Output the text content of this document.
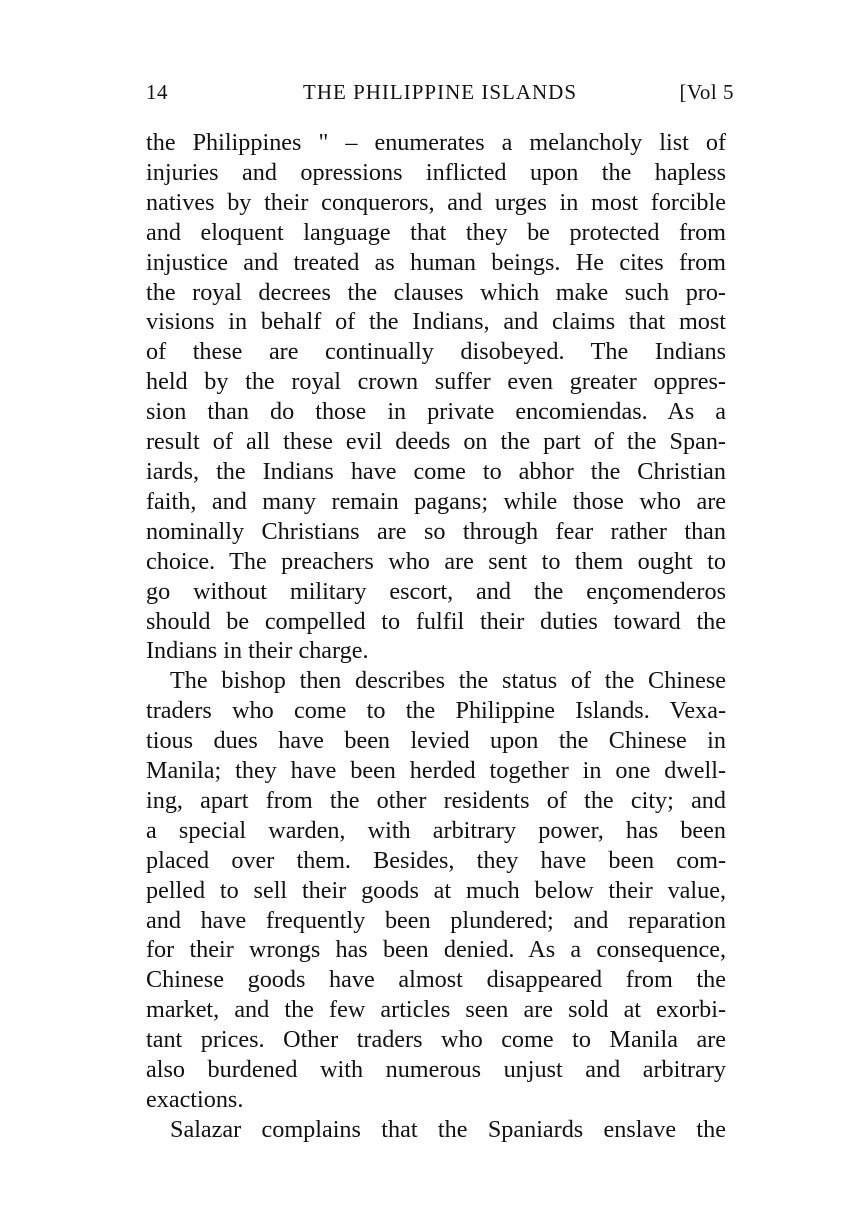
14	THE PHILIPPINE ISLANDS	[Vol 5
the Philippines " – enumerates a melancholy list of
injuries and opressions inflicted upon the hapless
natives by their conquerors, and urges in most forcible
and eloquent language that they be protected from
injustice and treated as human beings. He cites from
the royal decrees the clauses which make such pro-
visions in behalf of the Indians, and claims that most
of these are continually disobeyed. The Indians
held by the royal crown suffer even greater oppres-
sion than do those in private encomiendas. As a
result of all these evil deeds on the part of the Span-
iards, the Indians have come to abhor the Christian
faith, and many remain pagans; while those who are
nominally Christians are so through fear rather than
choice. The preachers who are sent to them ought to
go without military escort, and the ençomenderos
should be compelled to fulfil their duties toward the
Indians in their charge.
The bishop then describes the status of the Chinese
traders who come to the Philippine Islands. Vexa-
tious dues have been levied upon the Chinese in
Manila; they have been herded together in one dwell-
ing, apart from the other residents of the city; and
a special warden, with arbitrary power, has been
placed over them. Besides, they have been com-
pelled to sell their goods at much below their value,
and have frequently been plundered; and reparation
for their wrongs has been denied. As a consequence,
Chinese goods have almost disappeared from the
market, and the few articles seen are sold at exorbi-
tant prices. Other traders who come to Manila are
also burdened with numerous unjust and arbitrary
exactions.
Salazar complains that the Spaniards enslave the
